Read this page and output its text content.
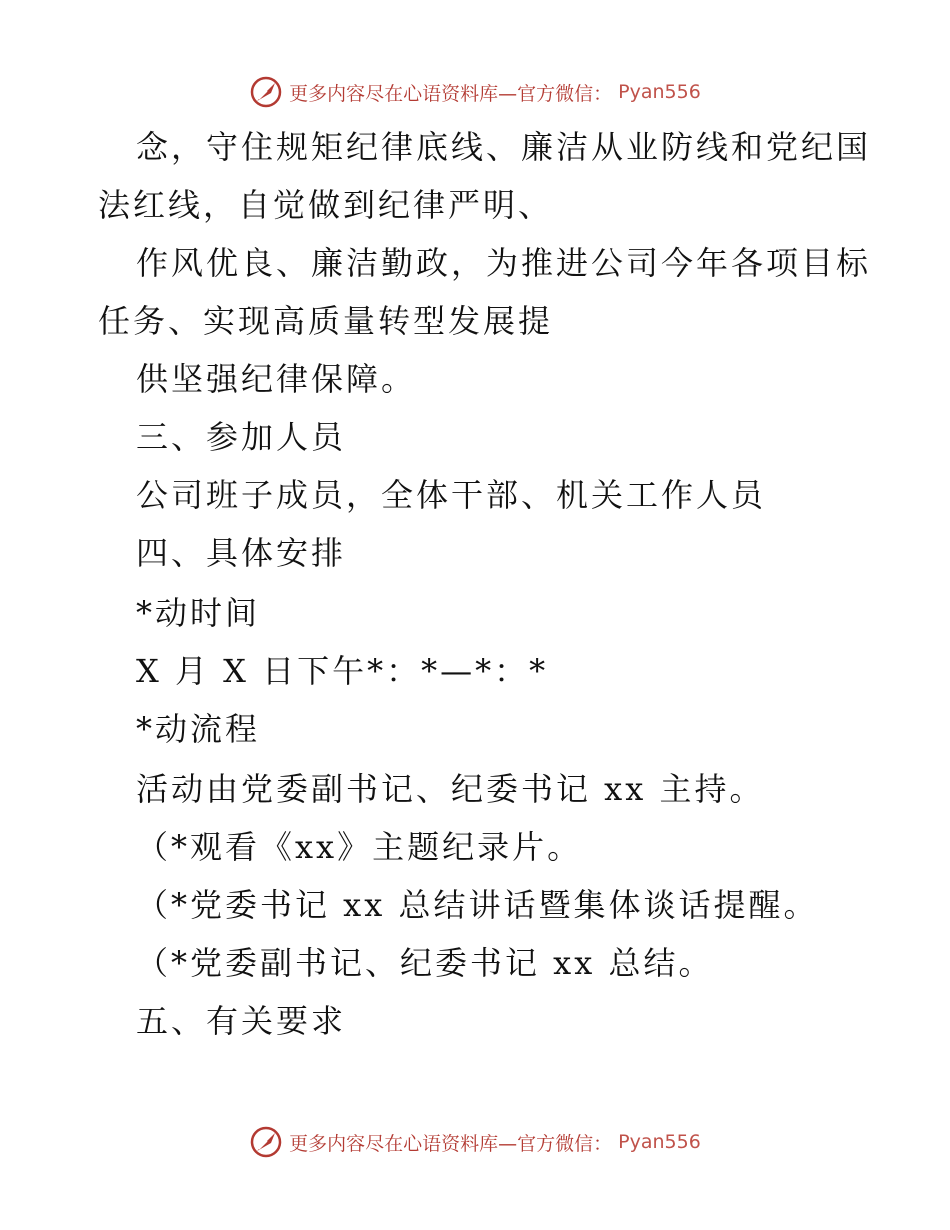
更多内容尽在心语资料库—官方微信： Pyan556
念，守住规矩纪律底线、廉洁从业防线和党纪国
法红线，自觉做到纪律严明、
作风优良、廉洁勤政，为推进公司今年各项目标
任务、实现高质量转型发展提
供坚强纪律保障。
三、参加人员
公司班子成员，全体干部、机关工作人员
四、具体安排
*动时间
X 月 X 日下午*：*—*：*
*动流程
活动由党委副书记、纪委书记 xx 主持。
（*观看《xx》主题纪录片。
（*党委书记 xx 总结讲话暨集体谈话提醒。
（*党委副书记、纪委书记 xx 总结。
五、有关要求
更多内容尽在心语资料库—官方微信： Pyan556
